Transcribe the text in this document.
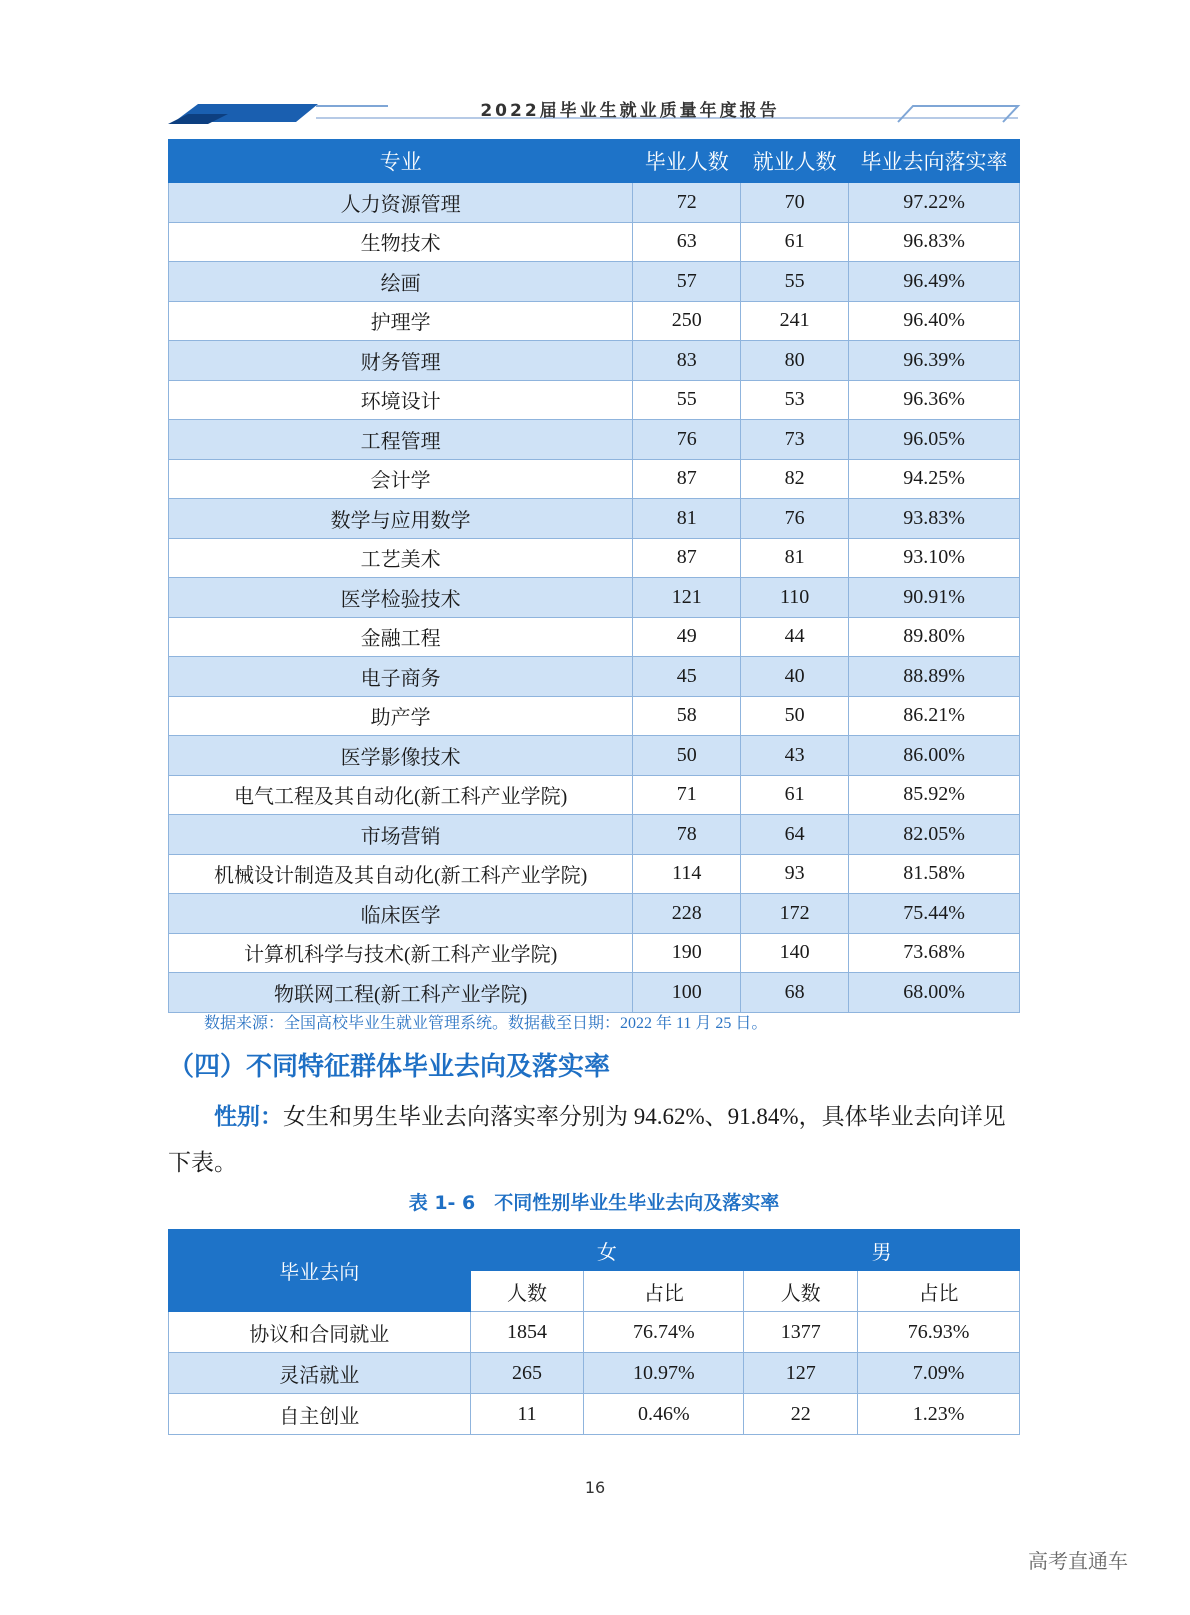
2022届毕业生就业质量年度报告
专业	毕业人数	就业人数	毕业去向落实率
人力资源管理	72	70	97.22%
生物技术	63	61	96.83%
绘画	57	55	96.49%
护理学	250	241	96.40%
财务管理	83	80	96.39%
环境设计	55	53	96.36%
工程管理	76	73	96.05%
会计学	87	82	94.25%
数学与应用数学	81	76	93.83%
工艺美术	87	81	93.10%
医学检验技术	121	110	90.91%
金融工程	49	44	89.80%
电子商务	45	40	88.89%
助产学	58	50	86.21%
医学影像技术	50	43	86.00%
电气工程及其自动化(新工科产业学院)	71	61	85.92%
市场营销	78	64	82.05%
机械设计制造及其自动化(新工科产业学院)	114	93	81.58%
临床医学	228	172	75.44%
计算机科学与技术(新工科产业学院)	190	140	73.68%
物联网工程(新工科产业学院)	100	68	68.00%
数据来源：全国高校毕业生就业管理系统。数据截至日期：2022 年 11 月 25 日。
（四）不同特征群体毕业去向及落实率
性别：女生和男生毕业去向落实率分别为 94.62%、91.84%，具体毕业去向详见下表。
表 1- 6　不同性别毕业生毕业去向及落实率
毕业去向	女		男	
	人数	占比	人数	占比
协议和合同就业	1854	76.74%	1377	76.93%
灵活就业	265	10.97%	127	7.09%
自主创业	11	0.46%	22	1.23%
16
高考直通车
